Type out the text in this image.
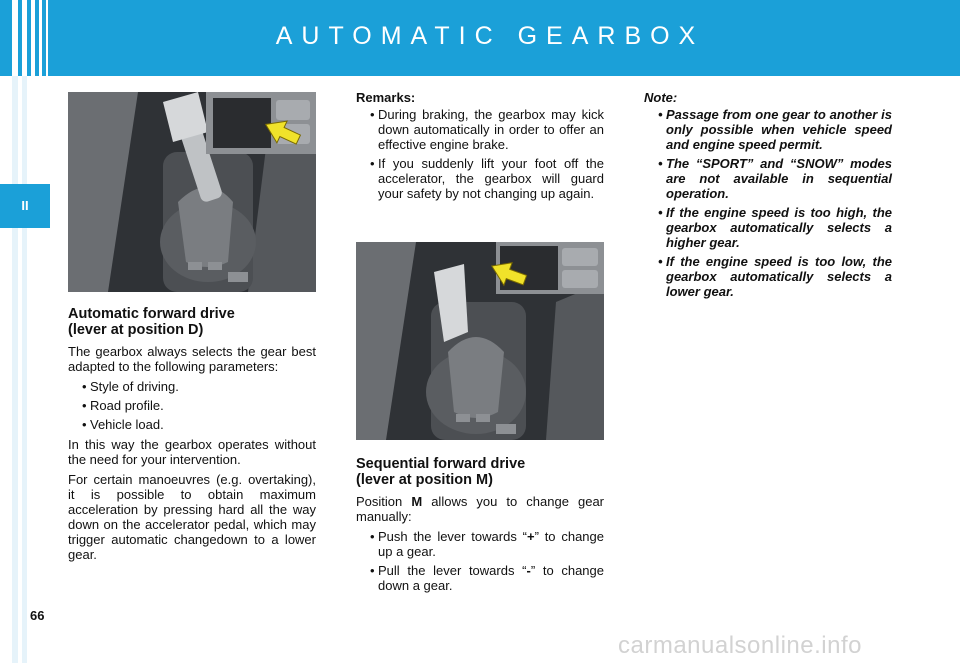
AUTOMATIC GEARBOX
II
Automatic forward drive
(lever at position D)

The gearbox always selects the gear best adapted to the following parameters:

• Style of driving.
• Road profile.
• Vehicle load.

In this way the gearbox operates without the need for your intervention.

For certain manoeuvres (e.g. overtaking), it is possible to obtain maximum acceleration by pressing hard all the way down on the accelerator pedal, which may trigger automatic changedown to a lower gear.

Remarks:
• During braking, the gearbox may kick down automatically in order to offer an effective engine brake.
• If you suddenly lift your foot off the accelerator, the gearbox will guard your safety by not changing up again.
Sequential forward drive
(lever at position M)

Position M allows you to change gear manually:

• Push the lever towards “+” to change up a gear.
• Pull the lever towards “-” to change down a gear.
Note:
• Passage from one gear to another is only possible when vehicle speed and engine speed permit.
• The “SPORT” and “SNOW” modes are not available in sequential operation.
• If the engine speed is too high, the gearbox automatically selects a higher gear.
• If the engine speed is too low, the gearbox automatically selects a lower gear.
66
carmanualsonline.info
